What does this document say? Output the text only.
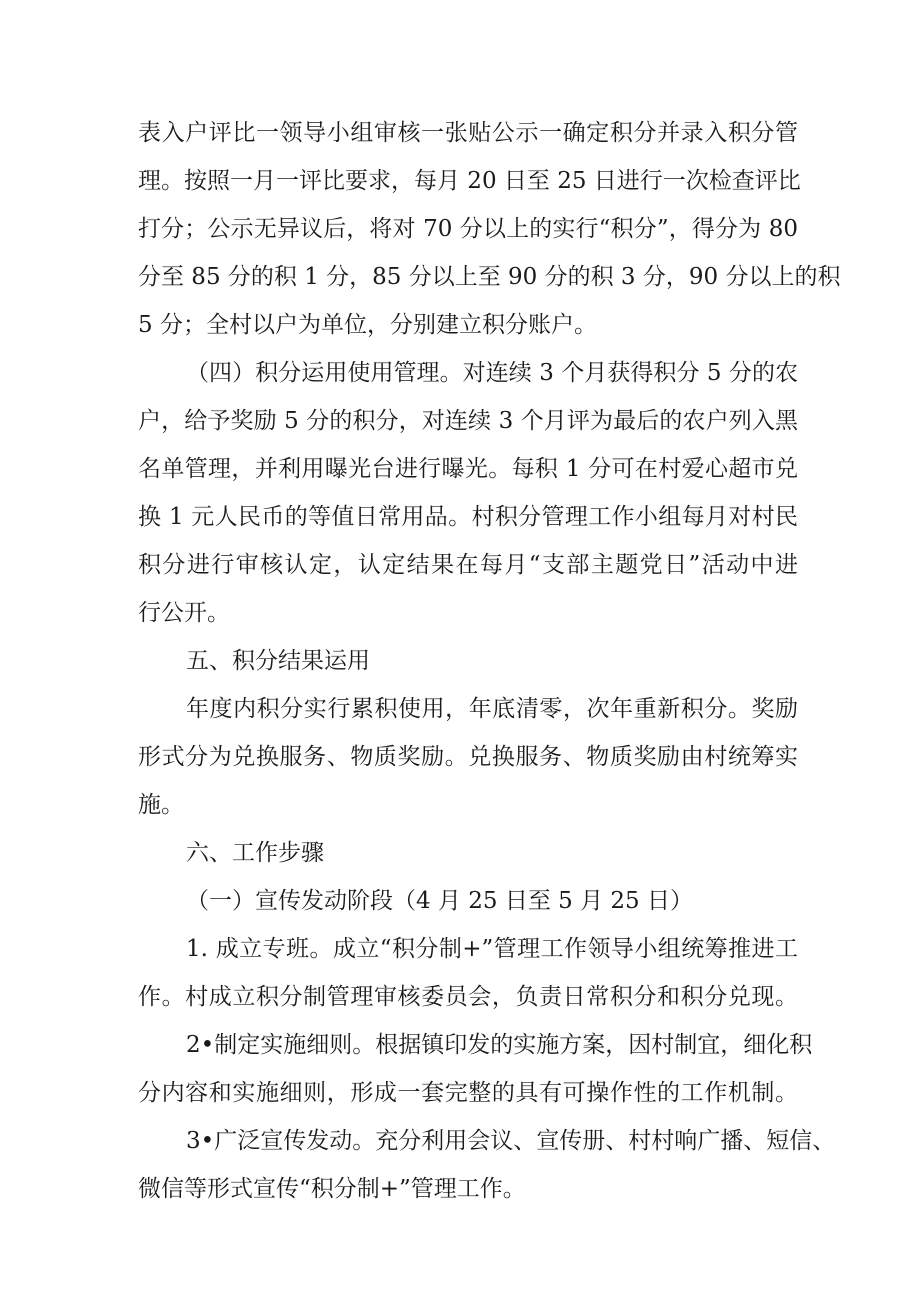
表入户评比一领导小组审核一张贴公示一确定积分并录入积分管
理。按照一月一评比要求，每月 20 日至 25 日进行一次检查评比
打分；公示无异议后，将对 70 分以上的实行“积分”，得分为 80
分至 85 分的积 1 分，85 分以上至 90 分的积 3 分，90 分以上的积
5 分；全村以户为单位，分别建立积分账户。
（四）积分运用使用管理。对连续 3 个月获得积分 5 分的农
户，给予奖励 5 分的积分，对连续 3 个月评为最后的农户列入黑
名单管理，并利用曝光台进行曝光。每积 1 分可在村爱心超市兑
换 1 元人民币的等值日常用品。村积分管理工作小组每月对村民
积分进行审核认定，认定结果在每月“支部主题党日”活动中进
行公开。
五、积分结果运用
年度内积分实行累积使用，年底清零，次年重新积分。奖励
形式分为兑换服务、物质奖励。兑换服务、物质奖励由村统筹实
施。
六、工作步骤
（一）宣传发动阶段（4 月 25 日至 5 月 25 日）
1. 成立专班。成立“积分制+”管理工作领导小组统筹推进工
作。村成立积分制管理审核委员会，负责日常积分和积分兑现。
2•制定实施细则。根据镇印发的实施方案，因村制宜，细化积
分内容和实施细则，形成一套完整的具有可操作性的工作机制。
3•广泛宣传发动。充分利用会议、宣传册、村村响广播、短信、
微信等形式宣传“积分制+”管理工作。
